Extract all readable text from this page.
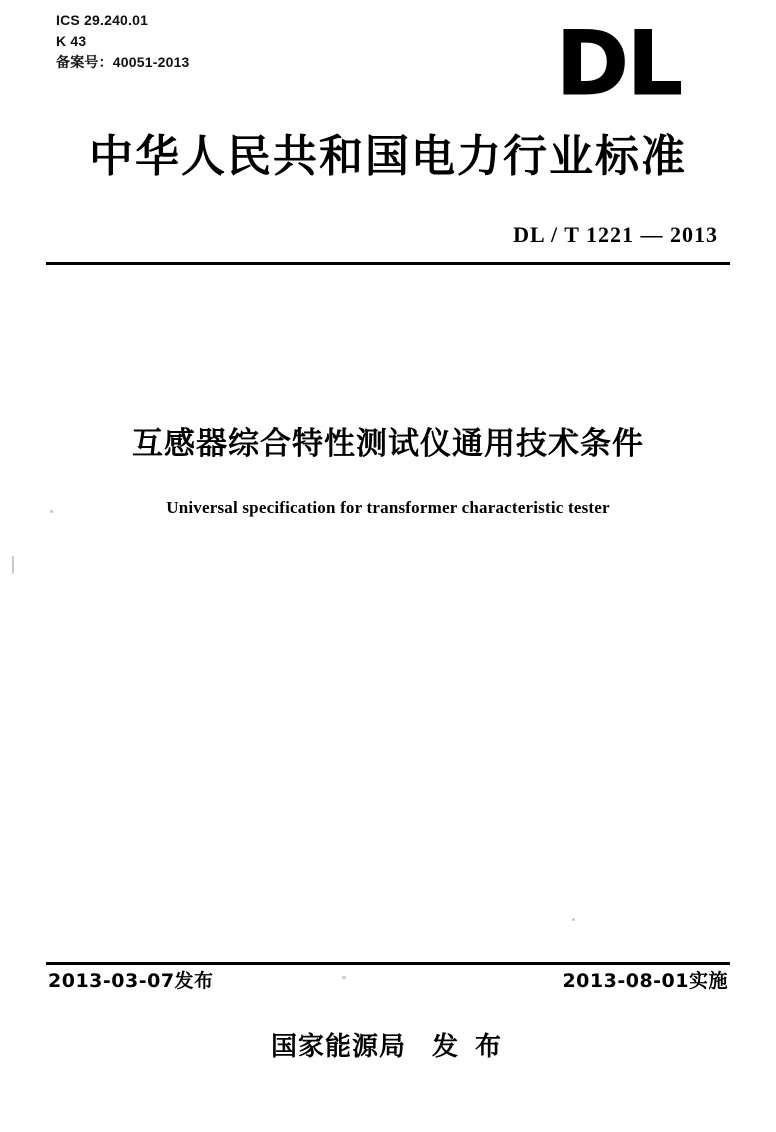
ICS 29.240.01
K 43
备案号：40051-2013	DL
中华人民共和国电力行业标准
DL / T 1221 — 2013
互感器综合特性测试仪通用技术条件
Universal specification for transformer characteristic tester
2013-03-07发布	2013-08-01实施
国家能源局 发 布
